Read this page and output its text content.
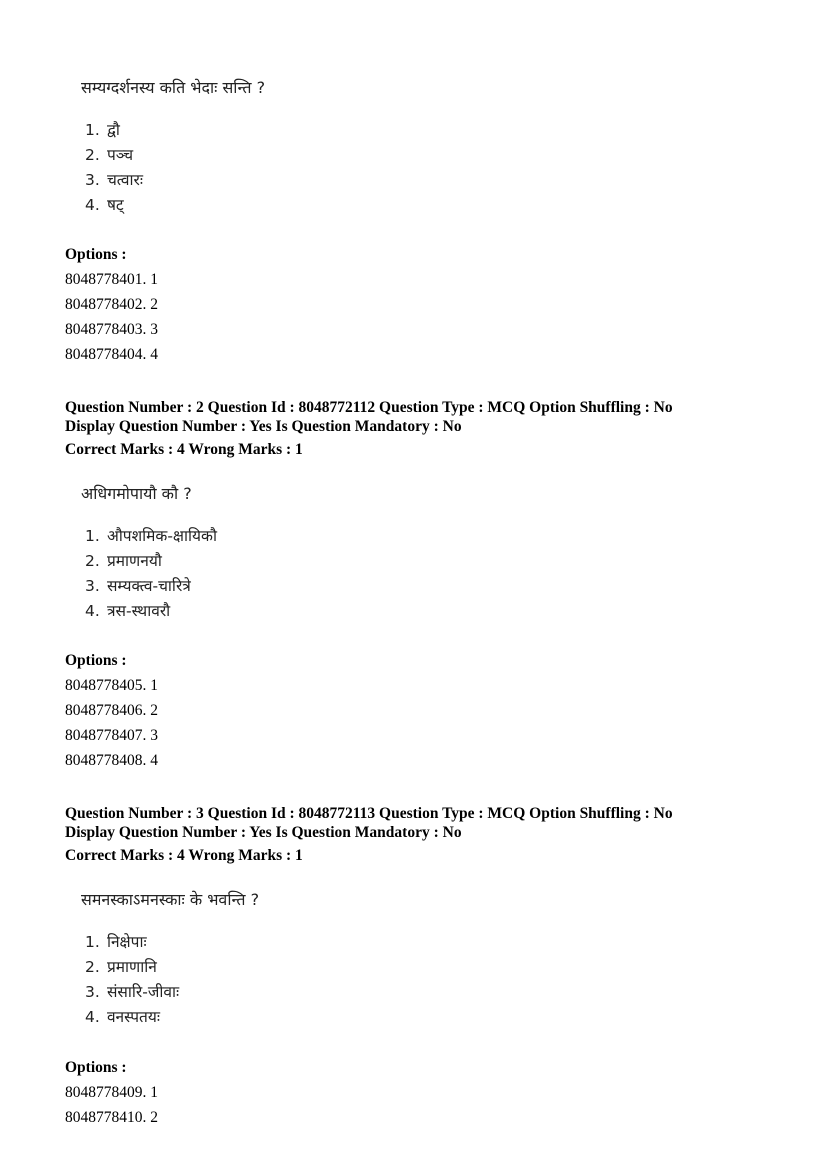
सम्यग्दर्शनस्य कति भेदाः सन्ति ?
1. द्वौ
2. पञ्च
3. चत्वारः
4. षट्
Options :
8048778401. 1
8048778402. 2
8048778403. 3
8048778404. 4
Question Number : 2 Question Id : 8048772112 Question Type : MCQ Option Shuffling : No
Display Question Number : Yes Is Question Mandatory : No
Correct Marks : 4 Wrong Marks : 1
अधिगमोपायौ कौ ?
1. औपशमिक-क्षायिकौ
2. प्रमाणनयौ
3. सम्यक्त्व-चारित्रे
4. त्रस-स्थावरौ
Options :
8048778405. 1
8048778406. 2
8048778407. 3
8048778408. 4
Question Number : 3 Question Id : 8048772113 Question Type : MCQ Option Shuffling : No
Display Question Number : Yes Is Question Mandatory : No
Correct Marks : 4 Wrong Marks : 1
समनस्काऽमनस्काः के भवन्ति ?
1. निक्षेपाः
2. प्रमाणानि
3. संसारि-जीवाः
4. वनस्पतयः
Options :
8048778409. 1
8048778410. 2
